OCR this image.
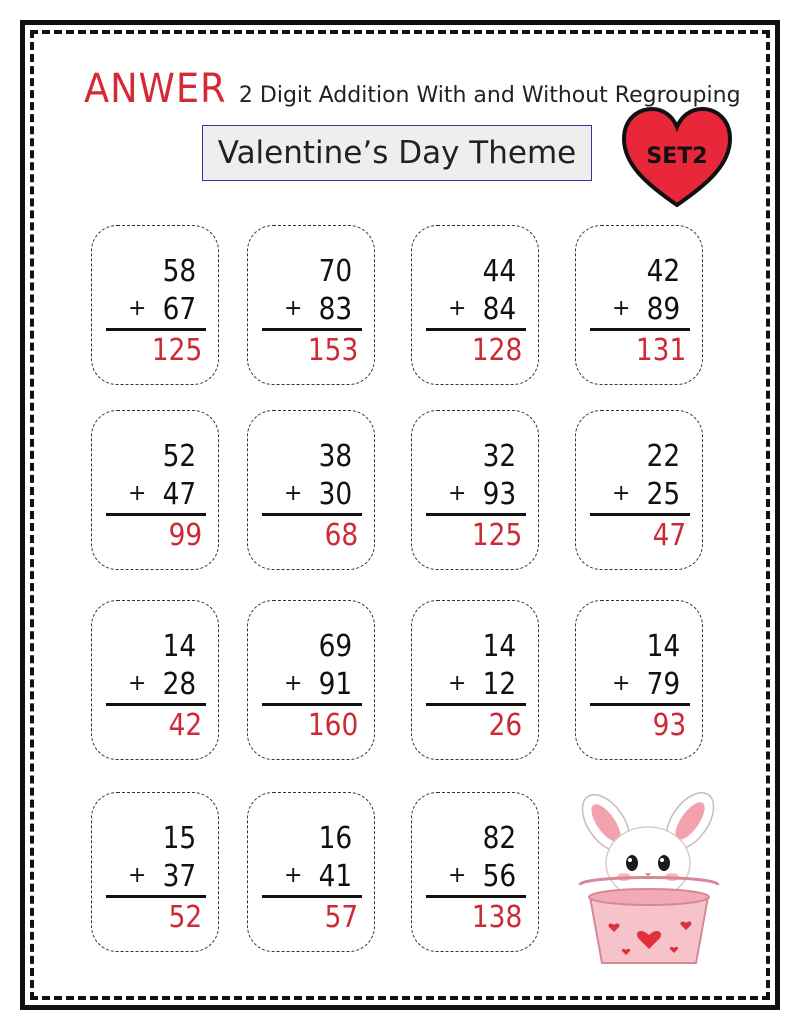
ANWER 2 Digit Addition With and Without Regrouping
Valentine’s Day Theme	SET2
58
+ 67
125
70
+ 83
153
44
+ 84
128
42
+ 89
131
52
+ 47
99
38
+ 30
68
32
+ 93
125
22
+ 25
47
14
+ 28
42
69
+ 91
160
14
+ 12
26
14
+ 79
93
15
+ 37
52
16
+ 41
57
82
+ 56
138
